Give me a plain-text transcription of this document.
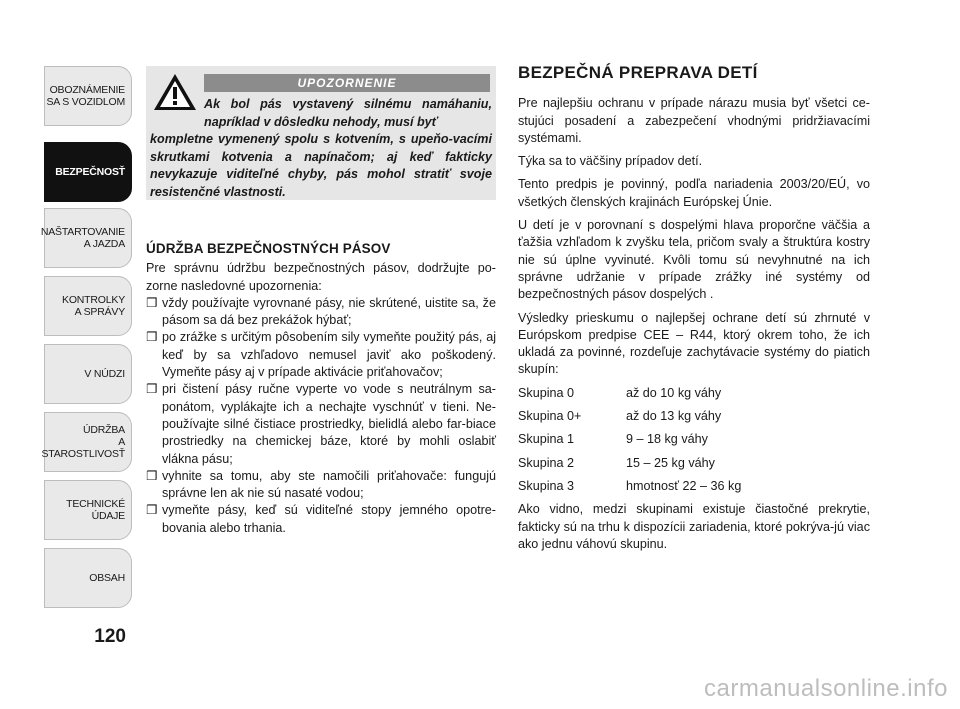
OBOZNÁMENIE
SA S VOZIDLOM
BEZPEČNOSŤ
NAŠTARTOVANIE
A JAZDA
KONTROLKY
A SPRÁVY
V NÚDZI
ÚDRŽBA
A STAROSTLIVOSŤ
TECHNICKÉ
ÚDAJE
OBSAH
120
UPOZORNENIE
Ak bol pás vystavený silnému namáhaniu, napríklad v dôsledku nehody, musí byť
kompletne vymenený spolu s kotvením, s upeňo-vacími skrutkami kotvenia a napínačom; aj keď fakticky nevykazuje viditeľné chyby, pás mohol stratiť svoje resistenčné vlastnosti.
ÚDRŽBA BEZPEČNOSTNÝCH PÁSOV

Pre správnu údržbu bezpečnostných pásov, dodržujte po-zorne nasledovné upozornenia:

❒ vždy používajte vyrovnané pásy, nie skrútené, uistite sa, že pásom sa dá bez prekážok hýbať;
❒ po zrážke s určitým pôsobením sily vymeňte použitý pás, aj keď by sa vzhľadovo nemusel javiť ako poškodený. Vymeňte pásy aj v prípade aktivácie priťahovačov;
❒ pri čistení pásy ručne vyperte vo vode s neutrálnym sa-ponátom, vyplákajte ich a nechajte vyschnúť v tieni. Ne-používajte silné čistiace prostriedky, bielidlá alebo far-biace prostriedky na chemickej báze, ktoré by mohli oslabiť vlákna pásu;
❒ vyhnite sa tomu, aby ste namočili priťahovače: fungujú správne len ak nie sú nasaté vodou;
❒ vymeňte pásy, keď sú viditeľné stopy jemného opotre-bovania alebo trhania.
BEZPEČNÁ PREPRAVA DETÍ

Pre najlepšiu ochranu v prípade nárazu musia byť všetci ce-stujúci posadení a zabezpečení vhodnými pridržiavacími systémami.

Týka sa to väčšiny prípadov detí.

Tento predpis je povinný, podľa nariadenia 2003/20/EÚ, vo všetkých členských krajinách Európskej Únie.

U detí je v porovnaní s dospelými hlava proporčne väčšia a ťažšia vzhľadom k zvyšku tela, pričom svaly a štruktúra kostry nie sú úplne vyvinuté. Kvôli tomu sú nevyhnutné na ich správne udržanie v prípade zrážky iné systémy od bezpečnostných pásov dospelých .

Výsledky prieskumu o najlepšej ochrane detí sú zhrnuté v Európskom predpise CEE – R44, ktorý okrem toho, že ich ukladá za povinné, rozdeľuje zachytávacie systémy do piatich skupín:

Skupina 0	až do 10 kg váhy
Skupina 0+	až do 13 kg váhy
Skupina 1	9 – 18 kg váhy
Skupina 2	15 – 25 kg váhy
Skupina 3	hmotnosť 22 – 36 kg

Ako vidno, medzi skupinami existuje čiastočné prekrytie, fakticky sú na trhu k dispozícii zariadenia, ktoré pokrýva-jú viac ako jednu váhovú skupinu.

carmanualsonline.info
